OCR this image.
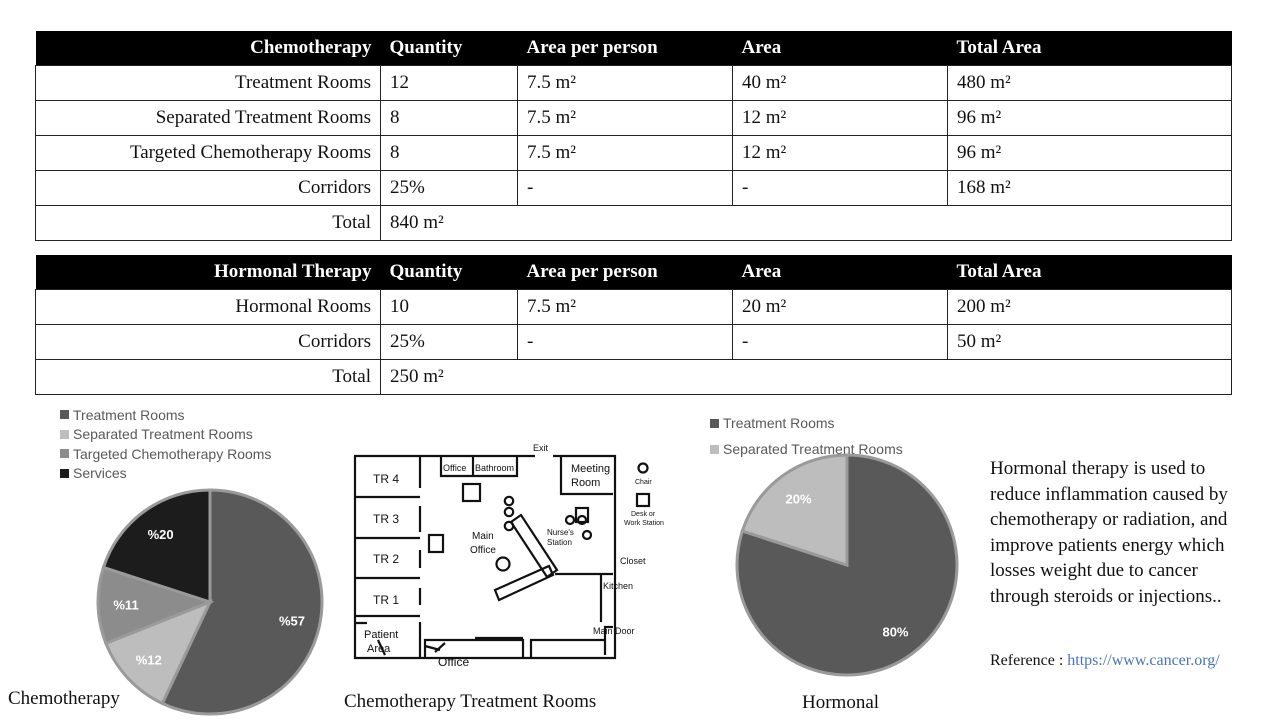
Chemotherapy	Quantity	Area per person	Area	Total Area
Treatment Rooms	12	7.5 m²	40 m²	480 m²
Separated Treatment Rooms	8	7.5 m²	12 m²	96 m²
Targeted Chemotherapy Rooms	8	7.5 m²	12 m²	96 m²
Corridors	25%	-	-	168 m²
Total	840 m²			
Hormonal Therapy	Quantity	Area per person	Area	Total Area
Hormonal Rooms	10	7.5 m²	20 m²	200 m²
Corridors	25%	-	-	50 m²
Total	250 m²			
Treatment Rooms
Separated Treatment Rooms
Targeted Chemotherapy Rooms
Services
%57
%12
%11
%20
Chemotherapy
TR 4
TR 3
TR 2
TR 1
Office Bathroom
Exit
Meeting
Room
Main
Office
Nurse's
Station
Closet
Kitchen
Main Door
Patient
Area
Office
Chair
Desk or
Work Station
Chemotherapy Treatment Rooms
Treatment Rooms
Separated Treatment Rooms
80%
20%
Hormonal
Hormonal therapy is used to reduce inflammation caused by chemotherapy or radiation, and improve patients energy which losses weight due to cancer through steroids or injections..
Reference : https://www.cancer.org/
